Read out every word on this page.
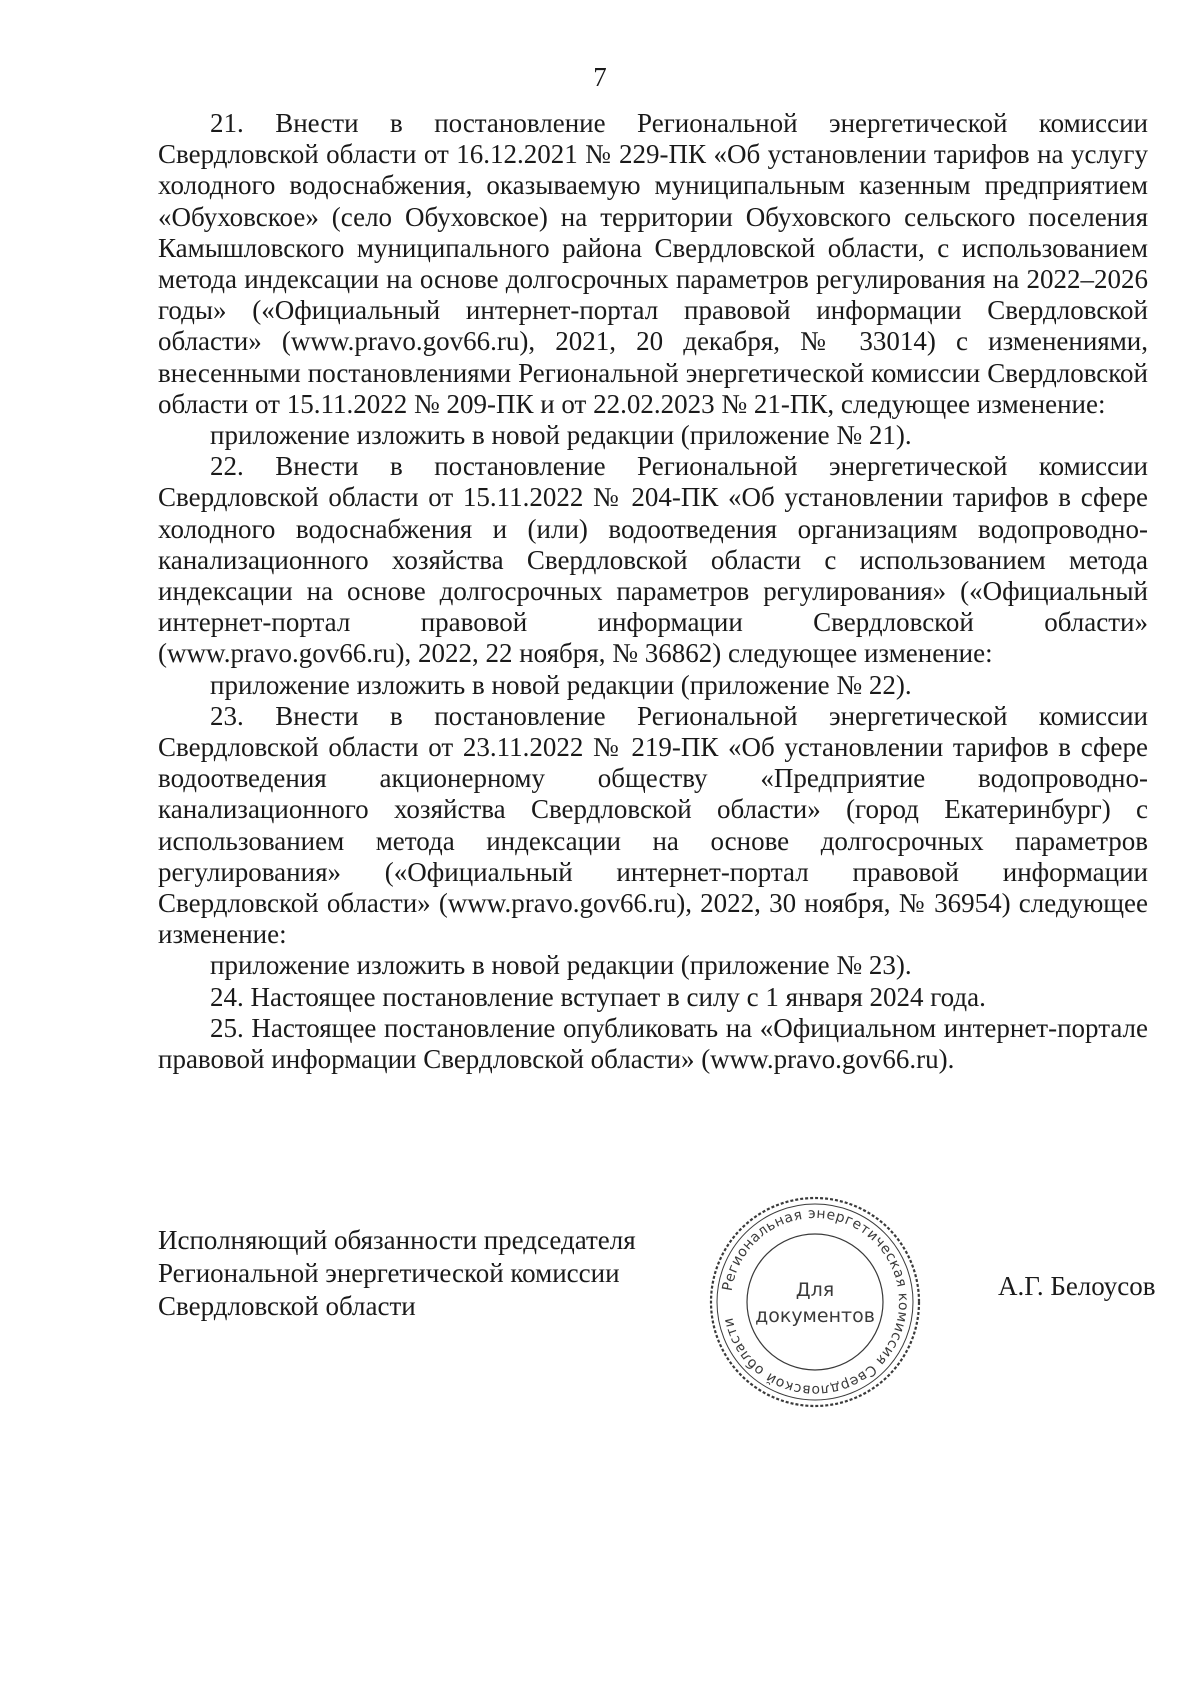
7

21. Внести в постановление Региональной энергетической комиссии Свердловской области от 16.12.2021 № 229-ПК «Об установлении тарифов на услугу холодного водоснабжения, оказываемую муниципальным казенным предприятием «Обуховское» (село Обуховское) на территории Обуховского сельского поселения Камышловского муниципального района Свердловской области, с использованием метода индексации на основе долгосрочных параметров регулирования на 2022–2026 годы» («Официальный интернет-портал правовой информации Свердловской области» (www.pravo.gov66.ru), 2021, 20 декабря, № 33014) с изменениями, внесенными постановлениями Региональной энергетической комиссии Свердловской области от 15.11.2022 № 209-ПК и от 22.02.2023 № 21-ПК, следующее изменение:

приложение изложить в новой редакции (приложение № 21).

22. Внести в постановление Региональной энергетической комиссии Свердловской области от 15.11.2022 № 204-ПК «Об установлении тарифов в сфере холодного водоснабжения и (или) водоотведения организациям водопроводно-канализационного хозяйства Свердловской области с использованием метода индексации на основе долгосрочных параметров регулирования» («Официальный интернет-портал правовой информации Свердловской области» (www.pravo.gov66.ru), 2022, 22 ноября, № 36862) следующее изменение:

приложение изложить в новой редакции (приложение № 22).

23. Внести в постановление Региональной энергетической комиссии Свердловской области от 23.11.2022 № 219-ПК «Об установлении тарифов в сфере водоотведения акционерному обществу «Предприятие водопроводно-канализационного хозяйства Свердловской области» (город Екатеринбург) с использованием метода индексации на основе долгосрочных параметров регулирования» («Официальный интернет-портал правовой информации Свердловской области» (www.pravo.gov66.ru), 2022, 30 ноября, № 36954) следующее изменение:

приложение изложить в новой редакции (приложение № 23).

24. Настоящее постановление вступает в силу с 1 января 2024 года.

25. Настоящее постановление опубликовать на «Официальном интернет-портале правовой информации Свердловской области» (www.pravo.gov66.ru).

Исполняющий обязанности председателя
Региональной энергетической комиссии
Свердловской области
Региональная энергетическая комиссия Свердловской области
Для
документов
А.Г. Белоусов
